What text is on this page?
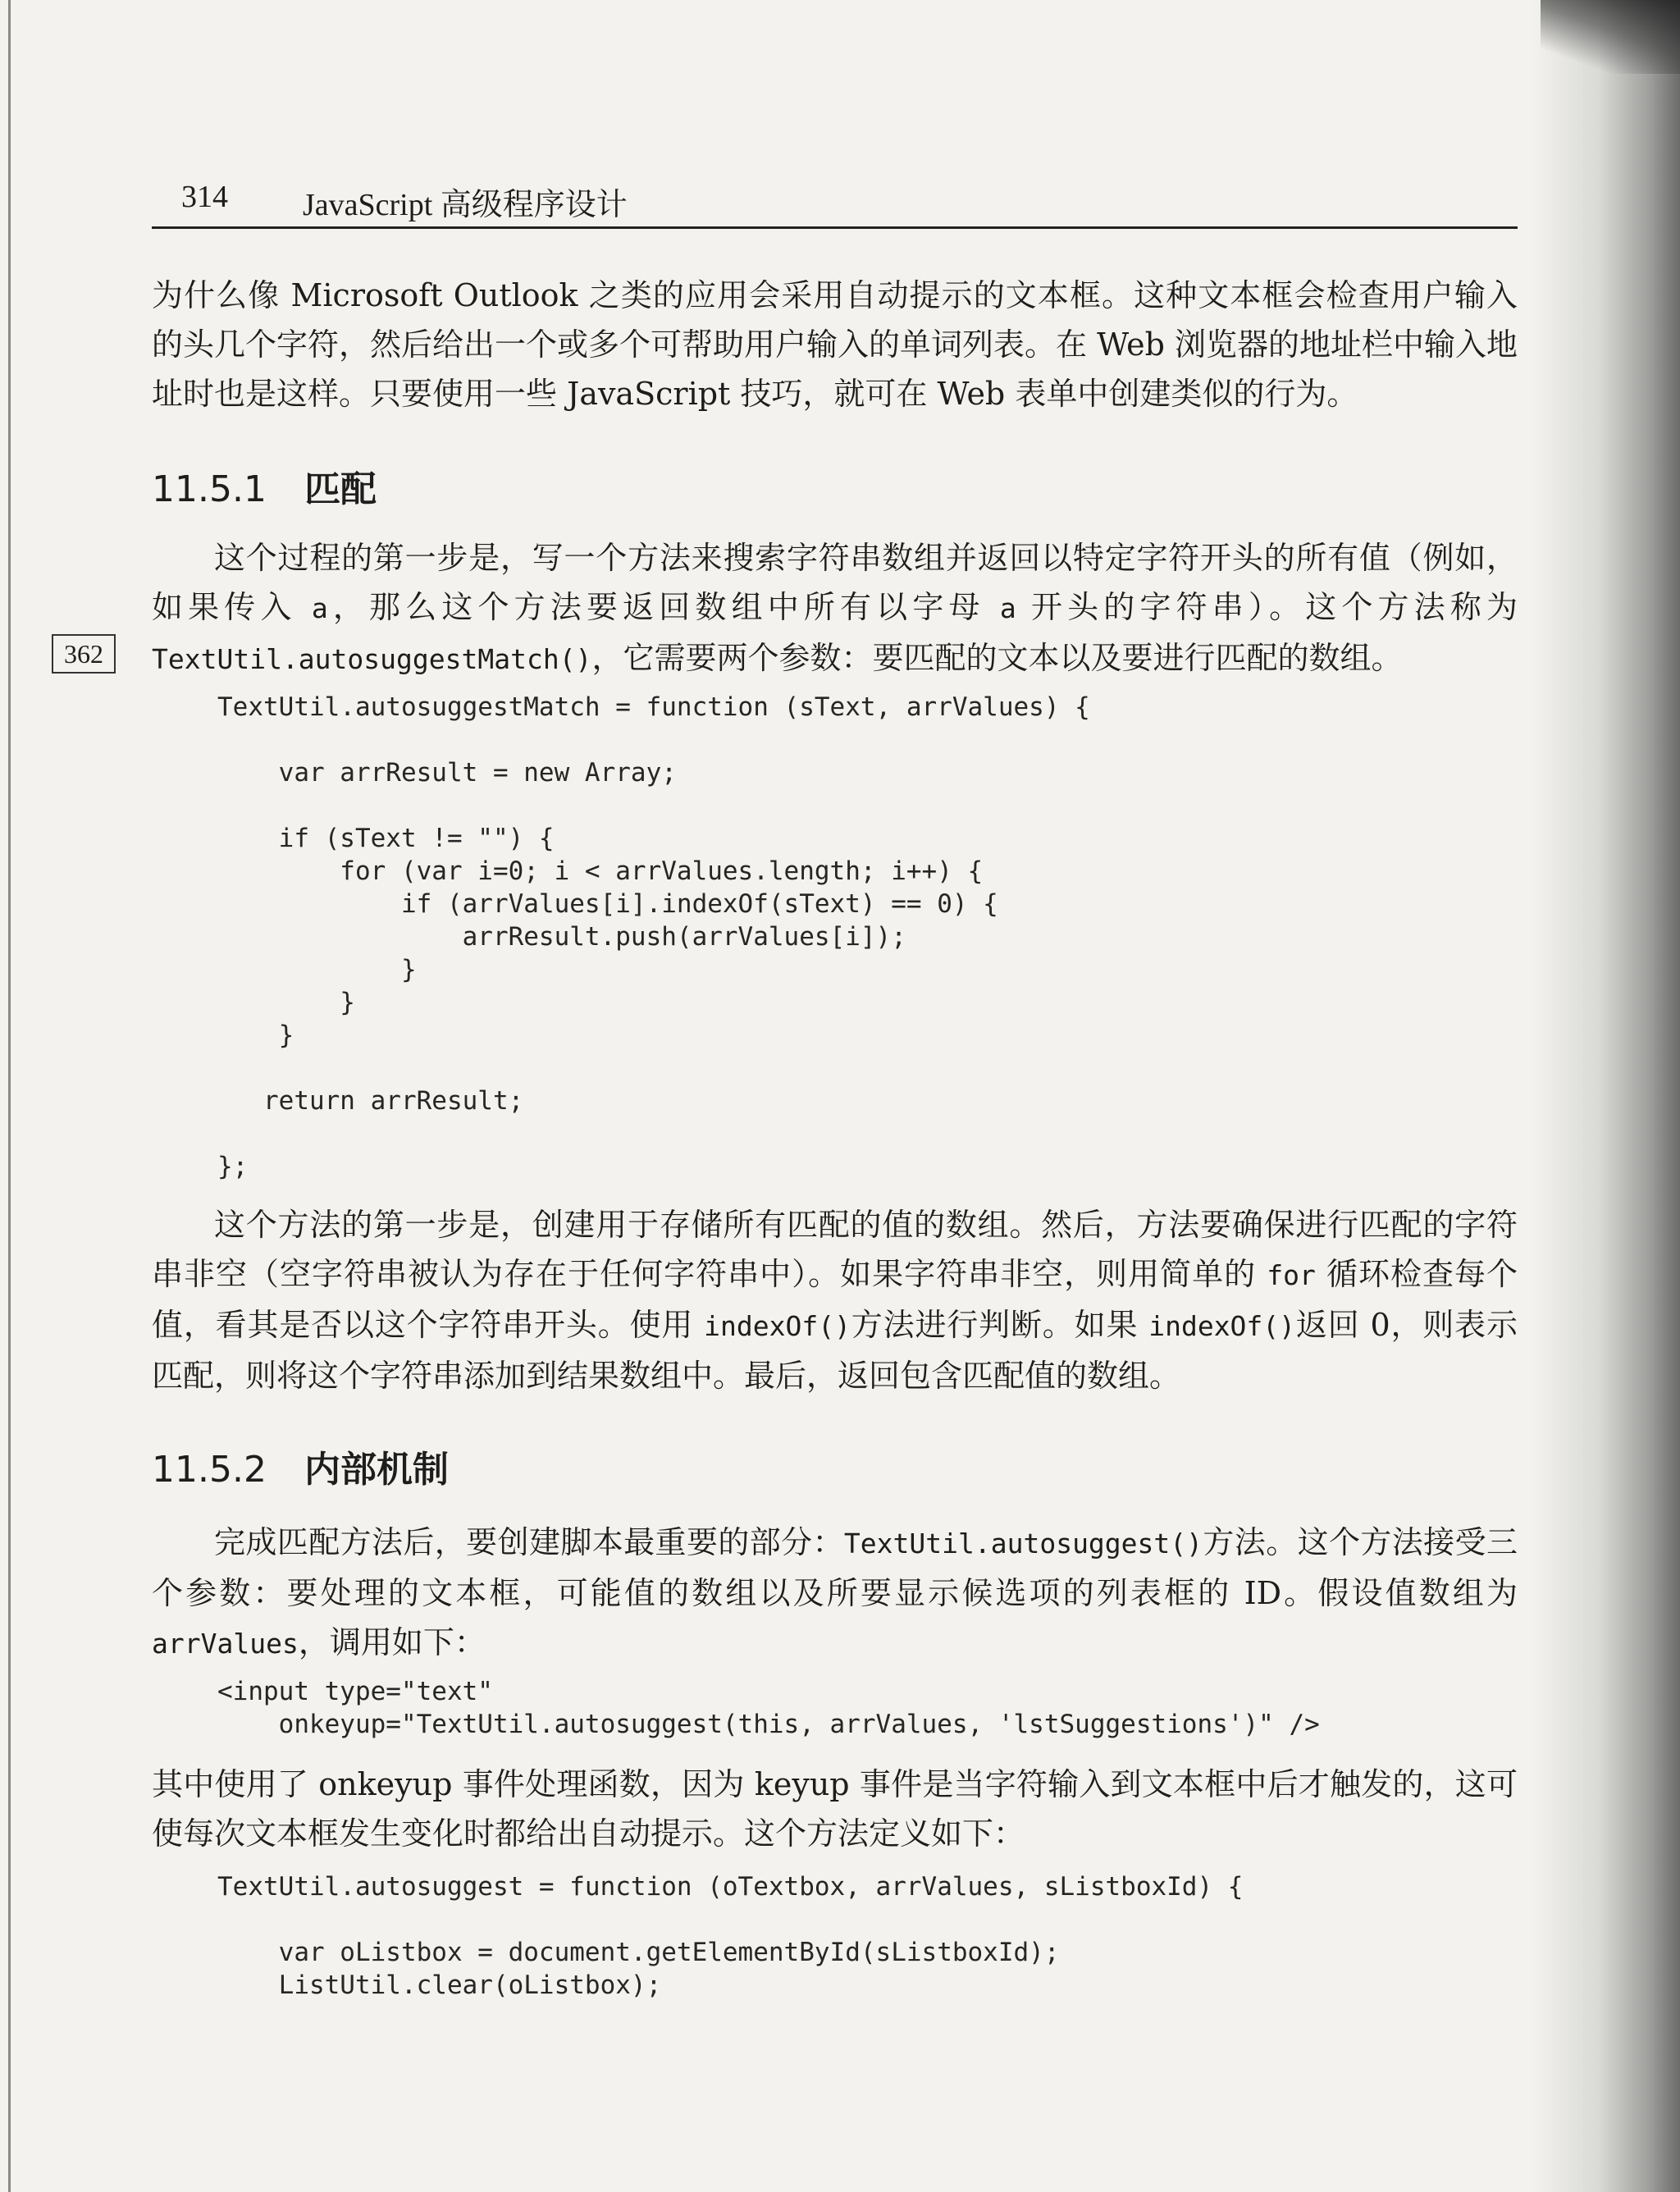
314 JavaScript 高级程序设计

为什么像 Microsoft Outlook 之类的应用会采用自动提示的文本框。这种文本框会检查用户输入的头几个字符，然后给出一个或多个可帮助用户输入的单词列表。在 Web 浏览器的地址栏中输入地址时也是这样。只要使用一些 JavaScript 技巧，就可在 Web 表单中创建类似的行为。

11.5.1 匹配
362

这个过程的第一步是，写一个方法来搜索字符串数组并返回以特定字符开头的所有值（例如，如果传入 a，那么这个方法要返回数组中所有以字母 a 开头的字符串）。这个方法称为 TextUtil.autosuggestMatch()，它需要两个参数：要匹配的文本以及要进行匹配的数组。

TextUtil.autosuggestMatch = function (sText, arrValues) {

var arrResult = new Array;

if (sText != "") {
for (var i=0; i < arrValues.length; i++) {
if (arrValues[i].indexOf(sText) == 0) {
arrResult.push(arrValues[i]);
}
}
}

return arrResult;

};

这个方法的第一步是，创建用于存储所有匹配的值的数组。然后，方法要确保进行匹配的字符串非空（空字符串被认为存在于任何字符串中）。如果字符串非空，则用简单的 for 循环检查每个值，看其是否以这个字符串开头。使用 indexOf()方法进行判断。如果 indexOf()返回 0，则表示匹配，则将这个字符串添加到结果数组中。最后，返回包含匹配值的数组。

11.5.2 内部机制

完成匹配方法后，要创建脚本最重要的部分：TextUtil.autosuggest()方法。这个方法接受三个参数：要处理的文本框，可能值的数组以及所要显示候选项的列表框的 ID。假设值数组为 arrValues，调用如下：

<input type="text"
onkeyup="TextUtil.autosuggest(this, arrValues, 'lstSuggestions')" />

其中使用了 onkeyup 事件处理函数，因为 keyup 事件是当字符输入到文本框中后才触发的，这可使每次文本框发生变化时都给出自动提示。这个方法定义如下：

TextUtil.autosuggest = function (oTextbox, arrValues, sListboxId) {

var oListbox = document.getElementById(sListboxId);
ListUtil.clear(oListbox);
